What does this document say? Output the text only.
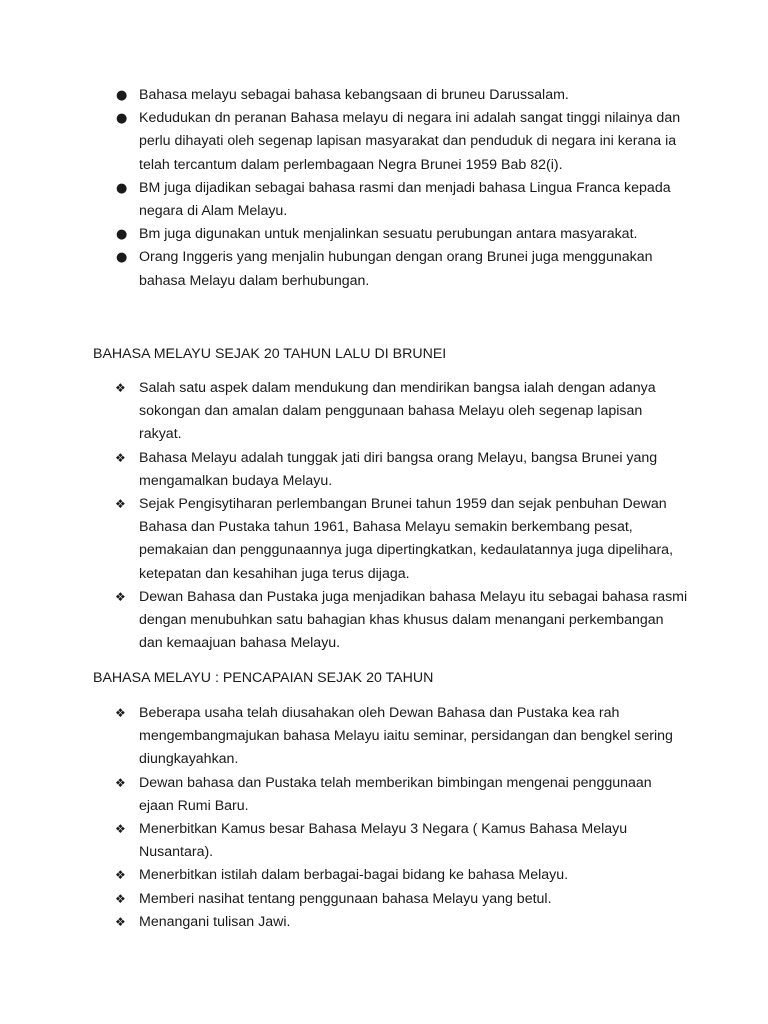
● Bahasa melayu sebagai bahasa kebangsaan di bruneu Darussalam.
● Kedudukan dn peranan Bahasa melayu di negara ini adalah sangat tinggi nilainya dan perlu dihayati oleh segenap lapisan masyarakat dan penduduk di negara ini kerana ia telah tercantum dalam perlembagaan Negra Brunei 1959 Bab 82(i).
● BM juga dijadikan sebagai bahasa rasmi dan menjadi bahasa Lingua Franca kepada negara di Alam Melayu.
● Bm juga digunakan untuk menjalinkan sesuatu perubungan antara masyarakat.
● Orang Inggeris yang menjalin hubungan dengan orang Brunei juga menggunakan bahasa Melayu dalam berhubungan.
BAHASA MELAYU SEJAK 20 TAHUN LALU DI BRUNEI
❖ Salah satu aspek dalam mendukung dan mendirikan bangsa ialah dengan adanya sokongan dan amalan dalam penggunaan bahasa Melayu oleh segenap lapisan rakyat.
❖ Bahasa Melayu adalah tunggak jati diri bangsa orang Melayu, bangsa Brunei yang mengamalkan budaya Melayu.
❖ Sejak Pengisytiharan perlembangan Brunei tahun 1959 dan sejak penbuhan Dewan Bahasa dan Pustaka tahun 1961, Bahasa Melayu semakin berkembang pesat, pemakaian dan penggunaannya juga dipertingkatkan, kedaulatannya juga dipelihara, ketepatan dan kesahihan juga terus dijaga.
❖ Dewan Bahasa dan Pustaka juga menjadikan bahasa Melayu itu sebagai bahasa rasmi dengan menubuhkan satu bahagian khas khusus dalam menangani perkembangan dan kemaajuan bahasa Melayu.
BAHASA MELAYU : PENCAPAIAN SEJAK 20 TAHUN
❖ Beberapa usaha telah diusahakan oleh Dewan Bahasa dan Pustaka kea rah mengembangmajukan bahasa Melayu iaitu seminar, persidangan dan bengkel sering diungkayahkan.
❖ Dewan bahasa dan Pustaka telah memberikan bimbingan mengenai penggunaan ejaan Rumi Baru.
❖ Menerbitkan Kamus besar Bahasa Melayu 3 Negara ( Kamus Bahasa Melayu Nusantara).
❖ Menerbitkan istilah dalam berbagai-bagai bidang ke bahasa Melayu.
❖ Memberi nasihat tentang penggunaan bahasa Melayu yang betul.
❖ Menangani tulisan Jawi.
